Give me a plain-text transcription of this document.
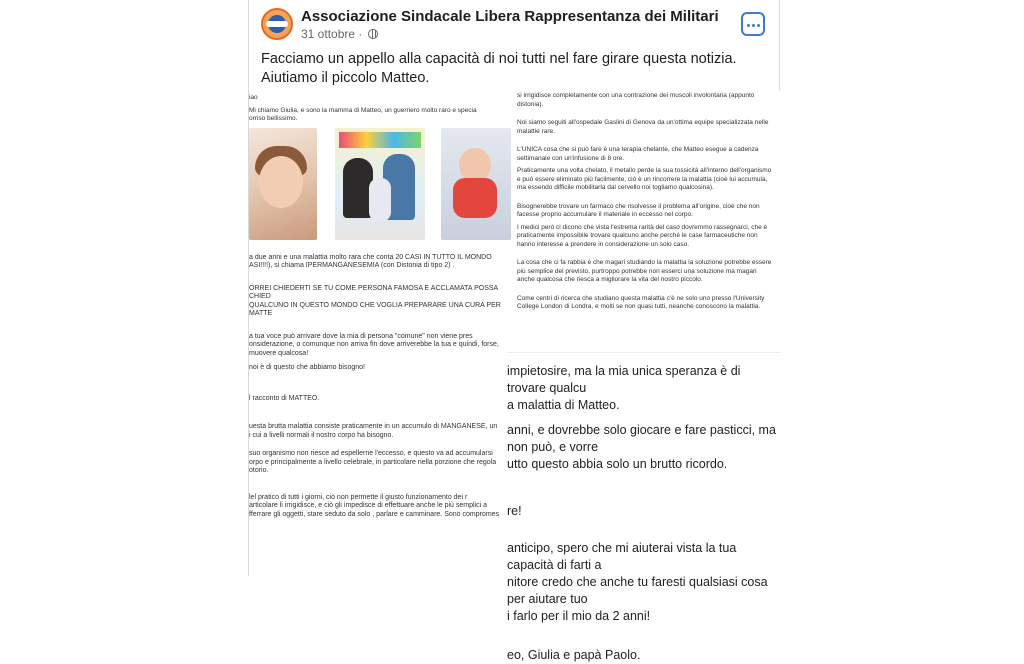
Associazione Sindacale Libera Rappresentanza dei Militari
31 ottobre ·
Facciamo un appello alla capacità di noi tutti nel fare girare questa notizia.
Aiutiamo il piccolo Matteo.

iao

Mi chiamo Giulia, e sono la mamma di Matteo, un guerriero molto raro e specia

orriso bellissimo.

a due anni e una malattia molto rara che conta 20 CASI IN TUTTO IL MONDO

ASI!!!!), si chiama IPERMANGANESEMIA (con Distonia di tipo 2) .

ORREI CHIEDERTI SE TU COME PERSONA FAMOSA E ACCLAMATA POSSA CHIED

QUALCUNO IN QUESTO MONDO CHE VOGLIA PREPARARE UNA CURA PER MATTE

a tua voce può arrivare dove la mia di persona "comune" non viene pres

onsiderazione, o comunque non arriva fin dove arriverebbe la tua e quindi, forse,

muovere qualcosa!

noi è di questo che abbiamo bisogno!

l racconto di MATTEO.

uesta brutta malattia consiste praticamente in un accumulo di MANGANESE, un

i cui a livelli normali il nostro corpo ha bisogno.

suo organismo non riesce ad espellerne l'eccesso, e questo va ad accumularsi

orpo e principalmente a livello celebrale, in particolare nella porzione che regola

otorio.

lel pratico di tutti i giorni, ciò non permette il giusto funzionamento dei r

articolare li irrigidisce, e ciò gli impedisce di effettuare anche le più semplici a

fferrare gli oggetti, stare seduto da solo , parlare e camminare. Sono compromes

si irrigidisce completamente con una contrazione dei muscoli involontaria (appunto distonia).

Noi siamo seguiti all'ospedale Gaslini di Genova da un'ottima equipe specializzata nelle malattie rare.

L'UNICA cosa che si può fare è una terapia chelante, che Matteo esegue a cadenza settimanale con un'infusione di 8 ore.

Praticamente una volta chelato, il metallo perde la sua tossicità all'interno dell'organismo e può essere eliminato più facilmente, ciò è un rincorrere la malattia (cioè lui accumula, ma essendo difficile mobilitarla dal cervello noi togliamo qualcosina).

Bisognerebbe trovare un farmaco che risolvesse il problema all'origine, cioè che non facesse proprio accumulare il materiale in eccesso nel corpo.

I medici però ci dicono che vista l'estrema rarità del caso dovremmo rassegnarci, che è praticamente impossibile trovare qualcuno anche perché le case farmaceutiche non hanno interesse a prendere in considerazione un solo caso.

La cosa che ci fa rabbia è che magari studiando la malattia la soluzione potrebbe essere più semplice del previsto, purtroppo potrebbe non esserci una soluzione ma magari anche qualcosa che riesca a migliorare la vita del nostro piccolo.

Come centri di ricerca che studiano questa malattia c'è ne solo uno presso l'University College London di Londra, e molti se non quasi tutti, neanche conoscono la malattia.

impietosire, ma la mia unica speranza è di trovare qualcu

a malattia di Matteo.

anni, e dovrebbe solo giocare e fare pasticci, ma non può, e vorre

utto questo abbia solo un brutto ricordo.

re!

anticipo, spero che mi aiuterai vista la tua capacità di farti a

nitore credo che anche tu faresti qualsiasi cosa per aiutare tuo

i farlo per il mio da 2 anni!

eo, Giulia e papà Paolo.
